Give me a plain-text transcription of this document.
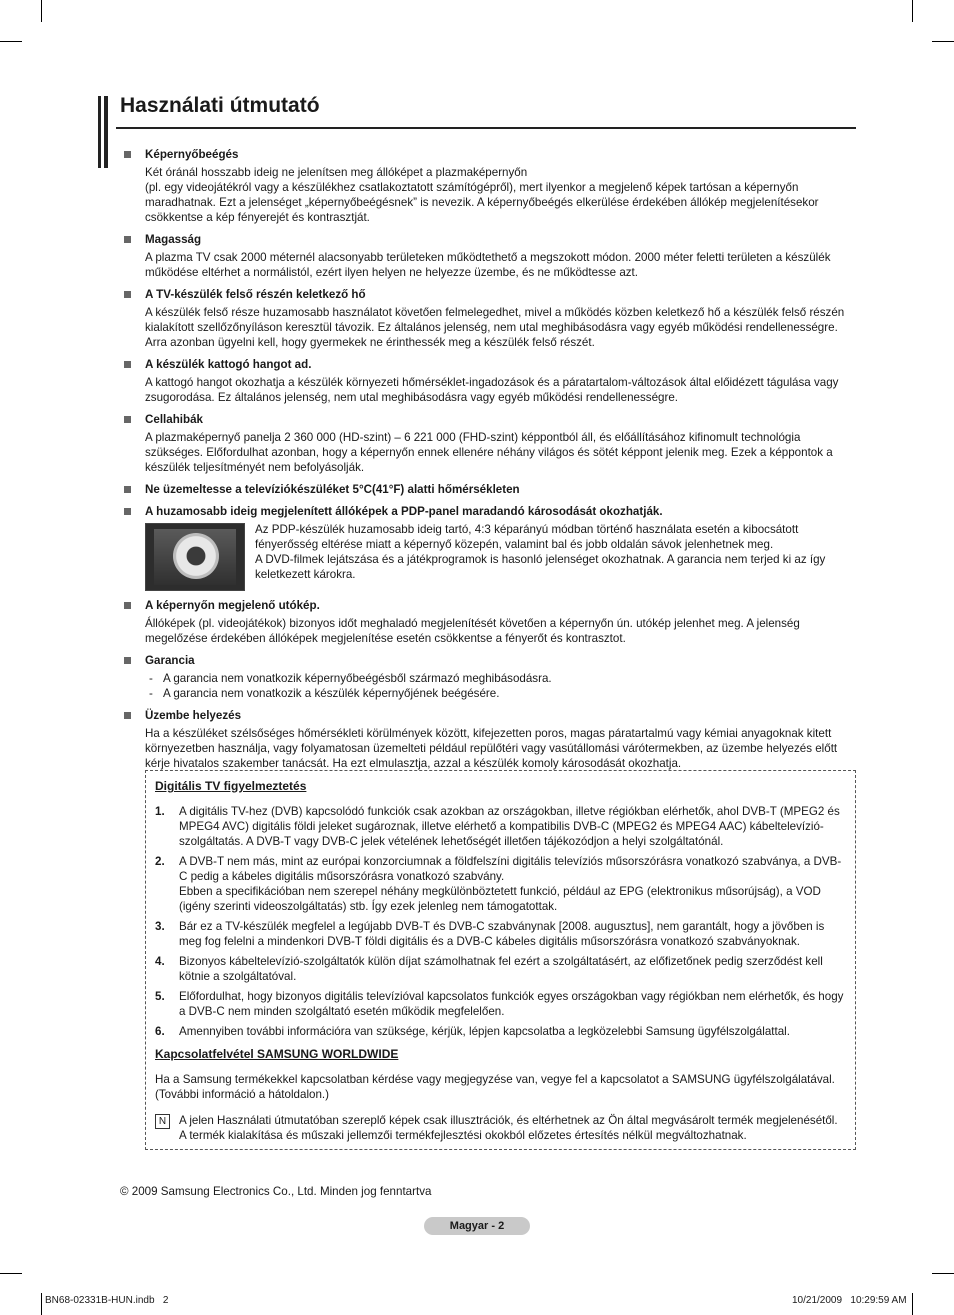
Használati útmutató
Képernyőbeégés

Két óránál hosszabb ideig ne jelenítsen meg állóképet a plazmaképernyőn

(pl. egy videojátékról vagy a készülékhez csatlakoztatott számítógépről), mert ilyenkor a megjelenő képek tartósan a képernyőn maradhatnak. Ezt a jelenséget „képernyőbeégésnek” is nevezik. A képernyőbeégés elkerülése érdekében állókép megjelenítésekor csökkentse a kép fényerejét és kontrasztját.

Magasság

A plazma TV csak 2000 méternél alacsonyabb területeken működtethető a megszokott módon. 2000 méter feletti területen a készülék működése eltérhet a normálistól, ezért ilyen helyen ne helyezze üzembe, és ne működtesse azt.

A TV-készülék felső részén keletkező hő

A készülék felső része huzamosabb használatot követően felmelegedhet, mivel a működés közben keletkező hő a készülék felső részén kialakított szellőzőnyíláson keresztül távozik. Ez általános jelenség, nem utal meghibásodásra vagy egyéb működési rendellenességre. Arra azonban ügyelni kell, hogy gyermekek ne érinthessék meg a készülék felső részét.

A készülék kattogó hangot ad.

A kattogó hangot okozhatja a készülék környezeti hőmérséklet-ingadozások és a páratartalom-változások által előidézett tágulása vagy zsugorodása. Ez általános jelenség, nem utal meghibásodásra vagy egyéb működési rendellenességre.

Cellahibák

A plazmaképernyő panelja 2 360 000 (HD-szint) – 6 221 000 (FHD-szint) képpontból áll, és előállításához kifinomult technológia szükséges. Előfordulhat azonban, hogy a képernyőn ennek ellenére néhány világos és sötét képpont jelenik meg. Ezek a képpontok a készülék teljesítményét nem befolyásolják.

Ne üzemeltesse a televíziókészüléket 5°C(41°F) alatti hőmérsékleten
A huzamosabb ideig megjelenített állóképek a PDP-panel maradandó károsodását okozhatják.

Az PDP-készülék huzamosabb ideig tartó, 4:3 képarányú módban történő használata esetén a kibocsátott fényerősség eltérése miatt a képernyő közepén, valamint bal és jobb oldalán sávok jelenhetnek meg.

A DVD-filmek lejátszása és a játékprogramok is hasonló jelenséget okozhatnak. A garancia nem terjed ki az így keletkezett károkra.

A képernyőn megjelenő utókép.

Állóképek (pl. videojátékok) bizonyos időt meghaladó megjelenítését követően a képernyőn ún. utókép jelenhet meg. A jelenség megelőzése érdekében állóképek megjelenítése esetén csökkentse a fényerőt és kontrasztot.

Garancia
- A garancia nem vonatkozik képernyőbeégésből származó meghibásodásra.
- A garancia nem vonatkozik a készülék képernyőjének beégésére.
Üzembe helyezés

Ha a készüléket szélsőséges hőmérsékleti körülmények között, kifejezetten poros, magas páratartalmú vagy kémiai anyagoknak kitett környezetben használja, vagy folyamatosan üzemelteti például repülőtéri vagy vasútállomási várótermekben, az üzembe helyezés előtt kérje hivatalos szakember tanácsát. Ha ezt elmulasztja, azzal a készülék komoly károsodását okozhatja.

Digitális TV figyelmeztetés
1.	A digitális TV-hez (DVB) kapcsolódó funkciók csak azokban az országokban, illetve régiókban elérhetők, ahol DVB-T (MPEG2 és MPEG4 AVC) digitális földi jeleket sugároznak, illetve elérhető a kompatibilis DVB-C (MPEG2 és MPEG4 AAC) kábeltelevízió-szolgáltatás. A DVB-T vagy DVB-C jelek vételének lehetőségét illetően tájékozódjon a helyi szolgáltatónál.

2.	A DVB-T nem más, mint az európai konzorciumnak a földfelszíni digitális televíziós műsorszórásra vonatkozó szabványa, a DVB-C pedig a kábeles digitális műsorszórásra vonatkozó szabvány.

Ebben a specifikációban nem szerepel néhány megkülönböztetett funkció, például az EPG (elektronikus műsorújság), a VOD (igény szerinti videoszolgáltatás) stb. Így ezek jelenleg nem támogatottak.

3.	Bár ez a TV-készülék megfelel a legújabb DVB-T és DVB-C szabványnak [2008. augusztus], nem garantált, hogy a jövőben is meg fog felelni a mindenkori DVB-T földi digitális és a DVB-C kábeles digitális műsorszórásra vonatkozó szabványoknak.

4.	Bizonyos kábeltelevízió-szolgáltatók külön díjat számolhatnak fel ezért a szolgáltatásért, az előfizetőnek pedig szerződést kell kötnie a szolgáltatóval.

5.	Előfordulhat, hogy bizonyos digitális televízióval kapcsolatos funkciók egyes országokban vagy régiókban nem elérhetők, és hogy a DVB-C nem minden szolgáltató esetén működik megfelelően.

6.	Amennyiben további információra van szüksége, kérjük, lépjen kapcsolatba a legközelebbi Samsung ügyfélszolgálattal.

Kapcsolatfelvétel SAMSUNG WORLDWIDE
Ha a Samsung termékekkel kapcsolatban kérdése vagy megjegyzése van, vegye fel a kapcsolatot a SAMSUNG ügyfélszolgálatával. (További információ a hátoldalon.)
N	A jelen Használati útmutatóban szereplő képek csak illusztrációk, és eltérhetnek az Ön által megvásárolt termék megjelenésétől. A termék kialakítása és műszaki jellemzői termékfejlesztési okokból előzetes értesítés nélkül megváltozhatnak.
© 2009 Samsung Electronics Co., Ltd. Minden jog fenntartva
Magyar - 2
BN68-02331B-HUN.indb   2	10/21/2009   10:29:59 AM
